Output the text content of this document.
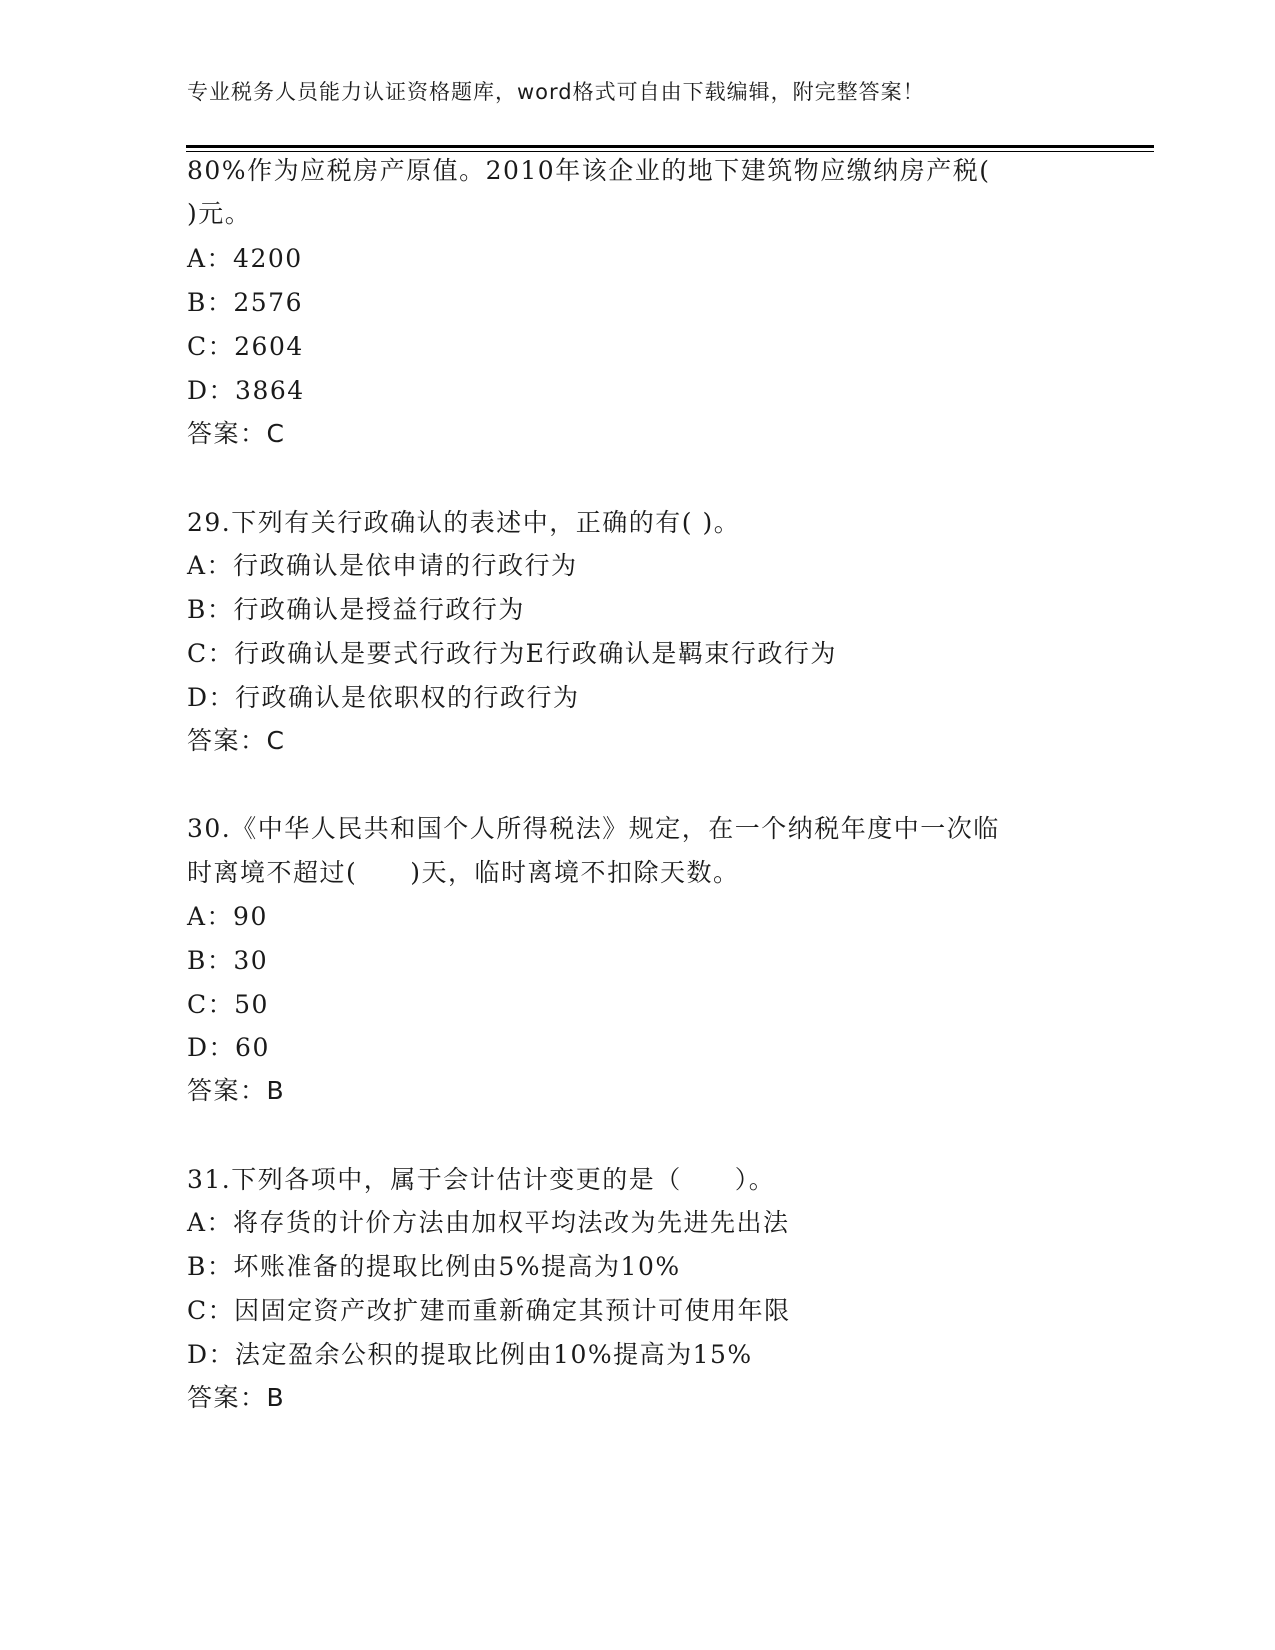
专业税务人员能力认证资格题库，word格式可自由下载编辑，附完整答案！
80%作为应税房产原值。2010年该企业的地下建筑物应缴纳房产税(
)元。
A：4200
B：2576
C：2604
D：3864
答案：C
29.下列有关行政确认的表述中，正确的有( )。
A：行政确认是依申请的行政行为
B：行政确认是授益行政行为
C：行政确认是要式行政行为E行政确认是羁束行政行为
D：行政确认是依职权的行政行为
答案：C
30.《中华人民共和国个人所得税法》规定，在一个纳税年度中一次临
时离境不超过(　　)天，临时离境不扣除天数。
A：90
B：30
C：50
D：60
答案：B
31.下列各项中，属于会计估计变更的是（　　）。
A：将存货的计价方法由加权平均法改为先进先出法
B：坏账准备的提取比例由5%提高为10%
C：因固定资产改扩建而重新确定其预计可使用年限
D：法定盈余公积的提取比例由10%提高为15%
答案：B
